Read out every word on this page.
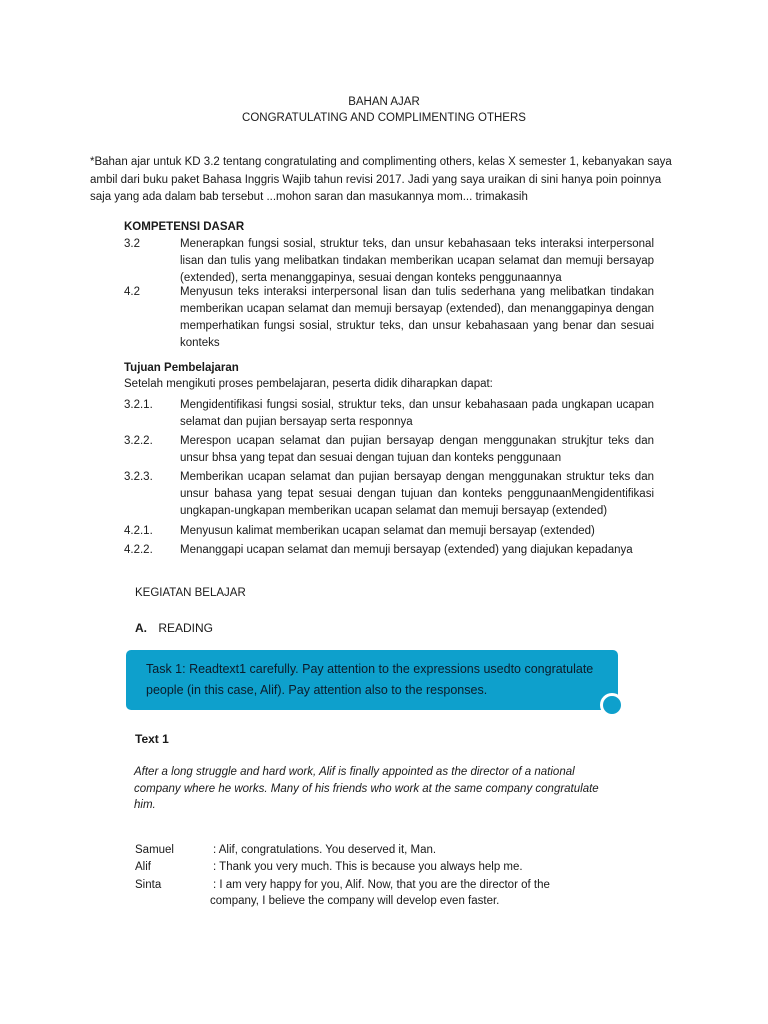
BAHAN AJAR
CONGRATULATING AND COMPLIMENTING OTHERS
*Bahan ajar untuk KD 3.2 tentang congratulating and complimenting others, kelas X semester 1, kebanyakan saya
ambil dari buku paket Bahasa Inggris Wajib tahun revisi 2017. Jadi yang saya uraikan di sini hanya poin poinnya
saja yang ada dalam bab tersebut ...mohon saran dan masukannya mom... trimakasih
KOMPETENSI DASAR
3.2	Menerapkan fungsi sosial, struktur teks, dan unsur kebahasaan teks interaksi interpersonal lisan dan tulis yang melibatkan tindakan memberikan ucapan selamat dan memuji bersayap (extended), serta menanggapinya, sesuai dengan konteks penggunaannya
4.2	Menyusun teks interaksi interpersonal lisan dan tulis sederhana yang melibatkan tindakan memberikan ucapan selamat dan memuji bersayap (extended), dan menanggapinya dengan memperhatikan fungsi sosial, struktur teks, dan unsur kebahasaan yang benar dan sesuai konteks
Tujuan Pembelajaran
Setelah mengikuti proses pembelajaran, peserta didik diharapkan dapat:
3.2.1. Mengidentifikasi fungsi sosial, struktur teks, dan unsur kebahasaan pada ungkapan ucapan selamat dan pujian bersayap serta responnya
3.2.2. Merespon ucapan selamat dan pujian bersayap dengan menggunakan strukjtur teks dan unsur bhsa yang tepat dan sesuai dengan tujuan dan konteks penggunaan
3.2.3. Memberikan ucapan selamat dan pujian bersayap dengan menggunakan struktur teks dan unsur bahasa yang tepat sesuai dengan tujuan dan konteks penggunaanMengidentifikasi ungkapan-ungkapan memberikan ucapan selamat dan memuji bersayap (extended)
4.2.1. Menyusun kalimat memberikan ucapan selamat dan memuji bersayap (extended)
4.2.2. Menanggapi ucapan selamat dan memuji bersayap (extended) yang diajukan kepadanya
KEGIATAN BELAJAR
A. READING
Task 1: Readtext1 carefully. Pay attention to the expressions usedto congratulate
people (in this case, Alif). Pay attention also to the responses.
Text 1
After a long struggle and hard work, Alif is finally appointed as the director of a national
company where he works. Many of his friends who work at the same company congratulate
him.
Samuel	: Alif, congratulations. You deserved it, Man.
Alif	: Thank you very much. This is because you always help me.
Sinta	: I am very happy for you, Alif. Now, that you are the director of the
company, I believe the company will develop even faster.
